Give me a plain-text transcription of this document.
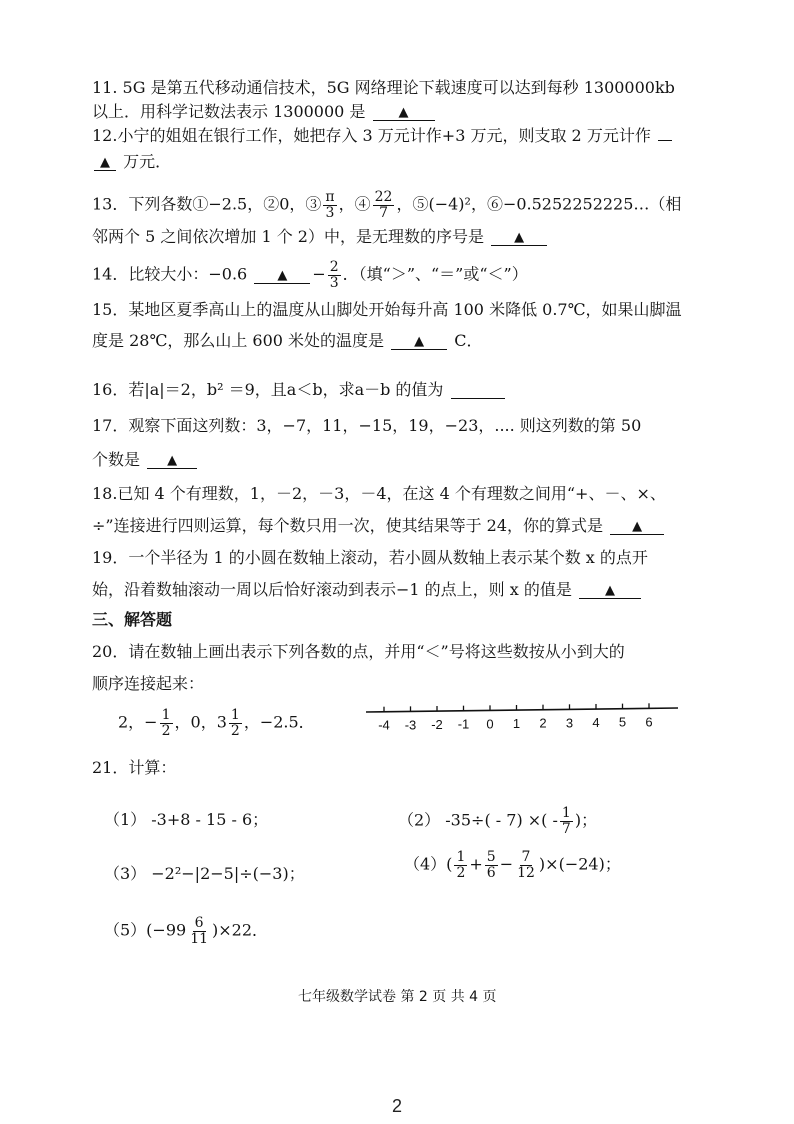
11. 5G 是第五代移动通信技术，5G 网络理论下载速度可以达到每秒 1300000kb
以上．用科学记数法表示 1300000 是	▲
12.小宁的姐姐在银行工作，她把存入 3 万元计作+3 万元，则支取 2 万元计作
▲ 万元．
13．下列各数①−2.5，②0，③ $\frac{\pi}{3}$ ，④ $\frac{22}{7}$ ，⑤(−4)²，⑥−0.5252252225…（相
邻两个 5 之间依次增加 1 个 2）中，是无理数的序号是 ▲
14．比较大小：−0.6 ▲ − $\frac{2}{3}$ ．（填“＞”、“＝”或“＜”）
15．某地区夏季高山上的温度从山脚处开始每升高 100 米降低 0.7℃，如果山脚温
度是 28℃，那么山上 600 米处的温度是 ▲ C．
16．若|a|＝2，b² ＝9，且a＜b，求a－b 的值为
17．观察下面这列数：3，−7，11，−15，19，−23，.... 则这列数的第 50
个数是 ▲
18.已知 4 个有理数，1，－2，－3，－4，在这 4 个有理数之间用“+、－、×、
÷”连接进行四则运算，每个数只用一次，使其结果等于 24，你的算式是 ▲
19．一个半径为 1 的小圆在数轴上滚动，若小圆从数轴上表示某个数 x 的点开
始，沿着数轴滚动一周以后恰好滚动到表示−1 的点上，则 x 的值是	▲
三、解答题
20．请在数轴上画出表示下列各数的点，并用“＜”号将这些数按从小到大的
顺序连接起来：
2，− $\frac{1}{2}$ ，0，$3 \frac{1}{2}$ ，−2.5．	-4 -3 -2 -1 0 1 2 3 4 5 6
21．计算：
（1） -3+8 - 15 - 6；	（2） -35÷( - 7) ×( - $\frac{1}{7}$ )；
（3） −2²−|2−5|÷(−3)；	$(4)( \frac{1}{2} + \frac{5}{6} - \frac{7}{12} )\times(-24)$；
$(5)(-99 \frac{6}{11} )\times 22$．
七年级数学试卷 第 2 页 共 4 页
2
